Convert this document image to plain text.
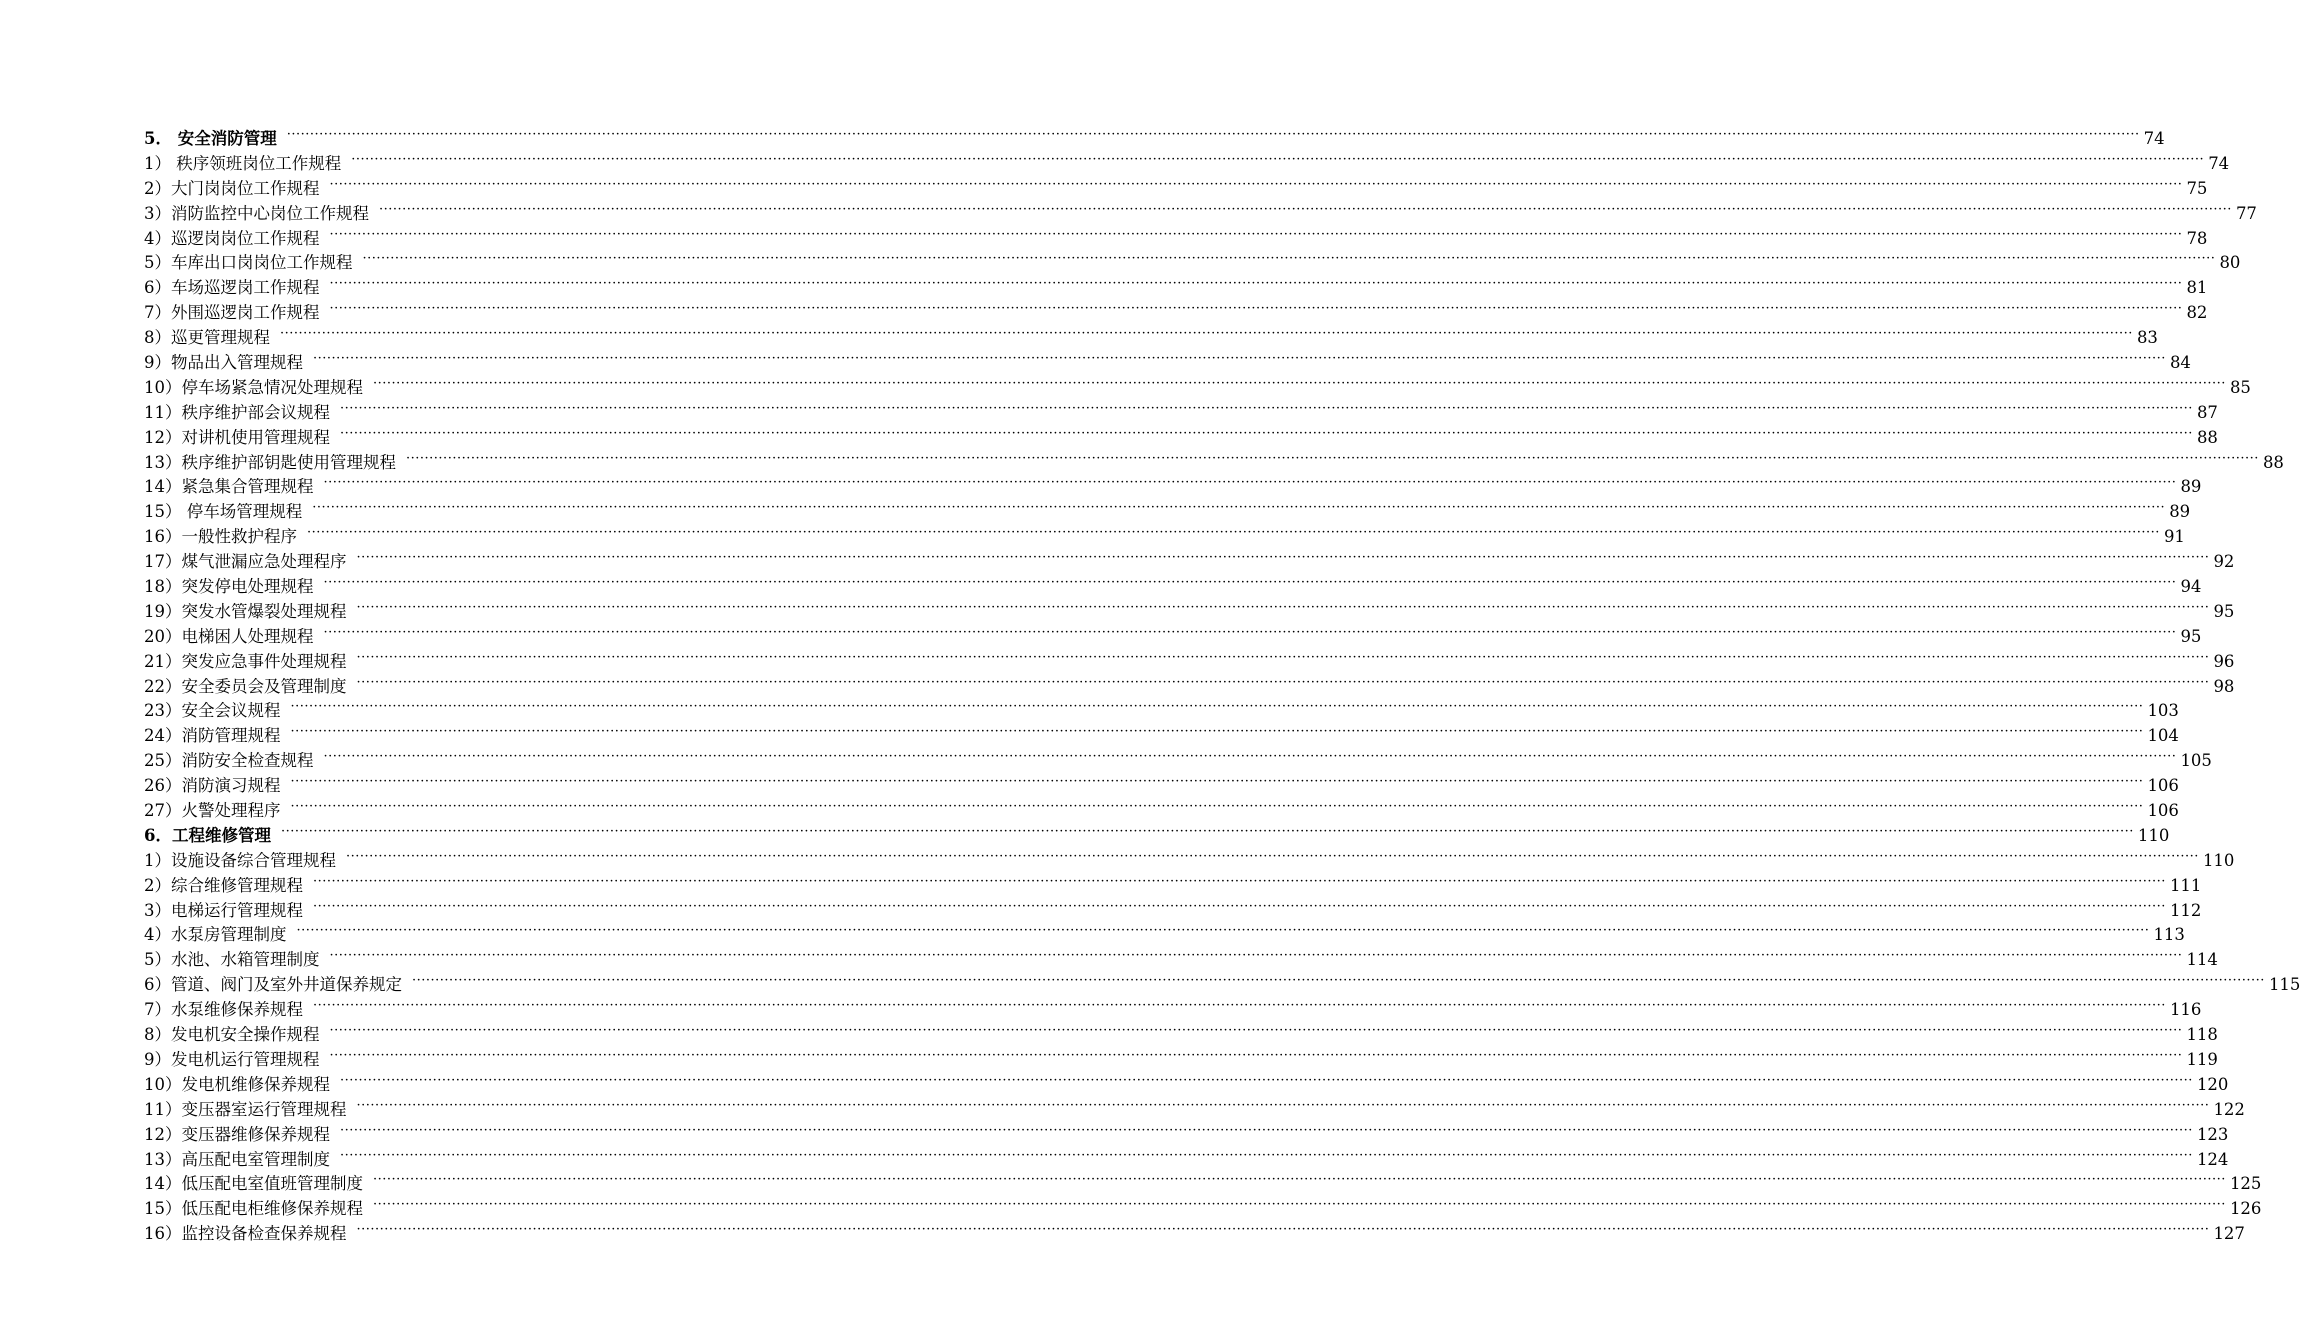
5． 安全消防管理 ················································································································································································································································································································································································································ 74
1） 秩序领班岗位工作规程 ················································································································································································································································································································································································································ 74
2）大门岗岗位工作规程 ················································································································································································································································································································································································································ 75
3）消防监控中心岗位工作规程 ················································································································································································································································································································································································································ 77
4）巡逻岗岗位工作规程 ················································································································································································································································································································································································································ 78
5）车库出口岗岗位工作规程 ················································································································································································································································································································································································································ 80
6）车场巡逻岗工作规程 ················································································································································································································································································································································································································ 81
7）外围巡逻岗工作规程 ················································································································································································································································································································································································································ 82
8）巡更管理规程 ················································································································································································································································································································································································································ 83
9）物品出入管理规程 ················································································································································································································································································································································································································ 84
10）停车场紧急情况处理规程 ················································································································································································································································································································································································································ 85
11）秩序维护部会议规程 ················································································································································································································································································································································································································ 87
12）对讲机使用管理规程 ················································································································································································································································································································································································································ 88
13）秩序维护部钥匙使用管理规程 ················································································································································································································································································································································································································ 88
14）紧急集合管理规程 ················································································································································································································································································································································································································ 89
15） 停车场管理规程 ················································································································································································································································································································································································································ 89
16）一般性救护程序 ················································································································································································································································································································································································································ 91
17）煤气泄漏应急处理程序 ················································································································································································································································································································································································································ 92
18）突发停电处理规程 ················································································································································································································································································································································································································ 94
19）突发水管爆裂处理规程 ················································································································································································································································································································································································································ 95
20）电梯困人处理规程 ················································································································································································································································································································································································································ 95
21）突发应急事件处理规程 ················································································································································································································································································································································································································ 96
22）安全委员会及管理制度 ················································································································································································································································································································································································································ 98
23）安全会议规程 ················································································································································································································································································································································································································ 103
24）消防管理规程 ················································································································································································································································································································································································································ 104
25）消防安全检查规程 ················································································································································································································································································································································································································ 105
26）消防演习规程 ················································································································································································································································································································································································································ 106
27）火警处理程序 ················································································································································································································································································································································································································ 106
6．工程维修管理 ················································································································································································································································································································································································································ 110
1）设施设备综合管理规程 ················································································································································································································································································································································································································ 110
2）综合维修管理规程 ················································································································································································································································································································································································································ 111
3）电梯运行管理规程 ················································································································································································································································································································································································································ 112
4）水泵房管理制度 ················································································································································································································································································································································································································ 113
5）水池、水箱管理制度 ················································································································································································································································································································································································································ 114
6）管道、阀门及室外井道保养规定 ················································································································································································································································································································································································································ 115
7）水泵维修保养规程 ················································································································································································································································································································································································································ 116
8）发电机安全操作规程 ················································································································································································································································································································································································································ 118
9）发电机运行管理规程 ················································································································································································································································································································································································································ 119
10）发电机维修保养规程 ················································································································································································································································································································································································································ 120
11）变压器室运行管理规程 ················································································································································································································································································································································································································ 122
12）变压器维修保养规程 ················································································································································································································································································································································································································ 123
13）高压配电室管理制度 ················································································································································································································································································································································································································ 124
14）低压配电室值班管理制度 ················································································································································································································································································································································································································ 125
15）低压配电柜维修保养规程 ················································································································································································································································································································································································································ 126
16）监控设备检查保养规程 ················································································································································································································································································································································································································ 127
